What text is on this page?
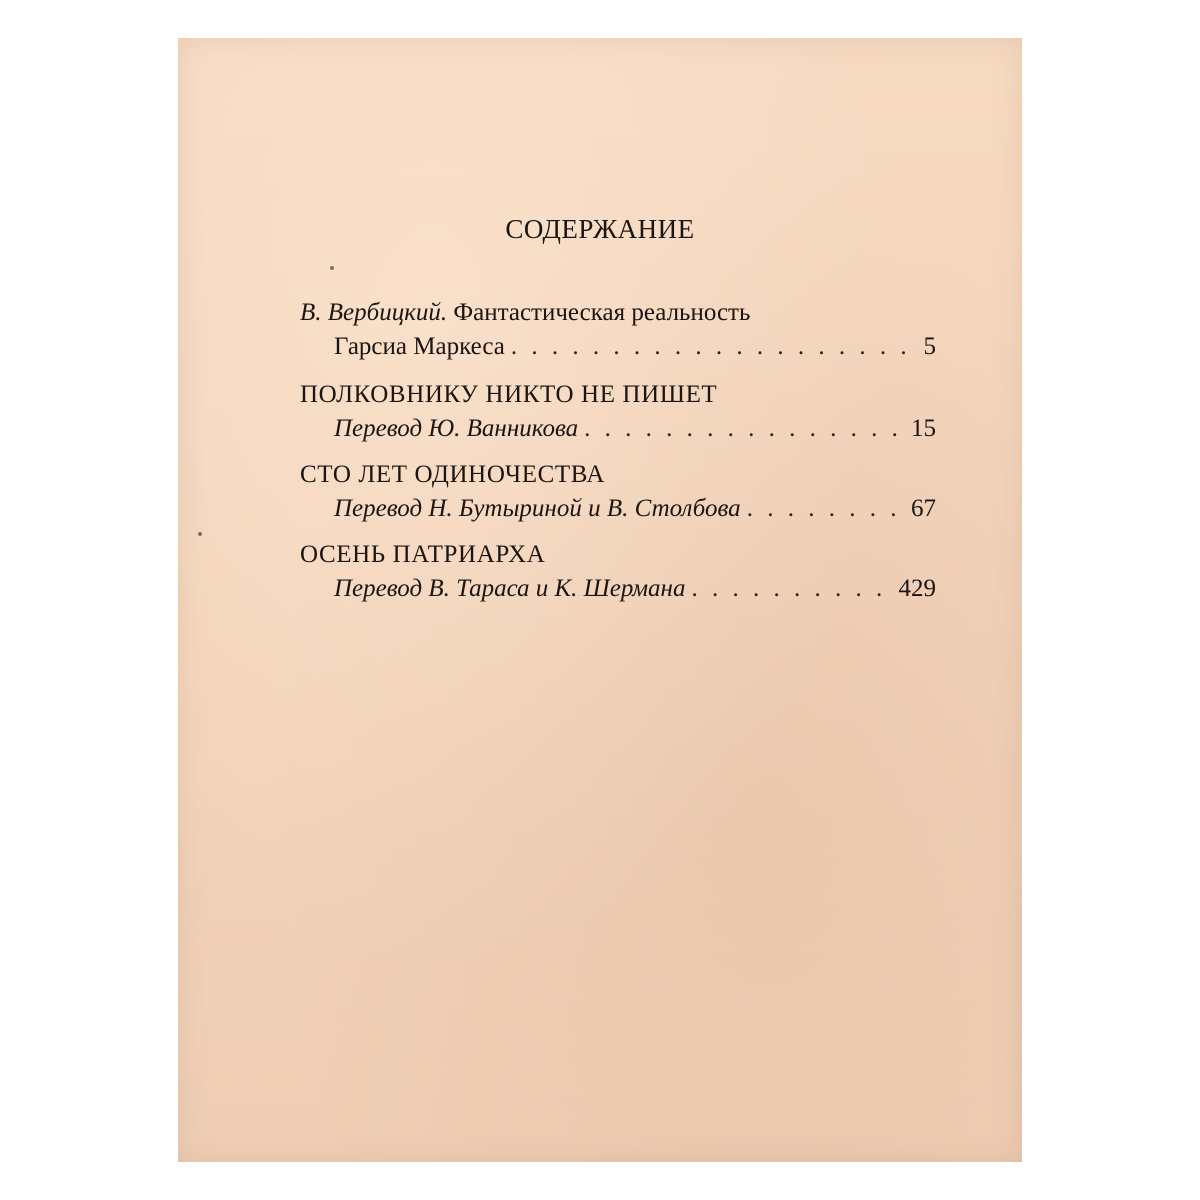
СОДЕРЖАНИЕ
В. Вербицкий. Фантастическая реальность
Гарсиа Маркеса . . .	5
ПОЛКОВНИКУ НИКТО НЕ ПИШЕТ
Перевод Ю. Ванникова . . .	15
СТО ЛЕТ ОДИНОЧЕСТВА
Перевод Н. Бутыриной и В. Столбова . . .	67
ОСЕНЬ ПАТРИАРХА
Перевод В. Тараса и К. Шермана . . .	429
